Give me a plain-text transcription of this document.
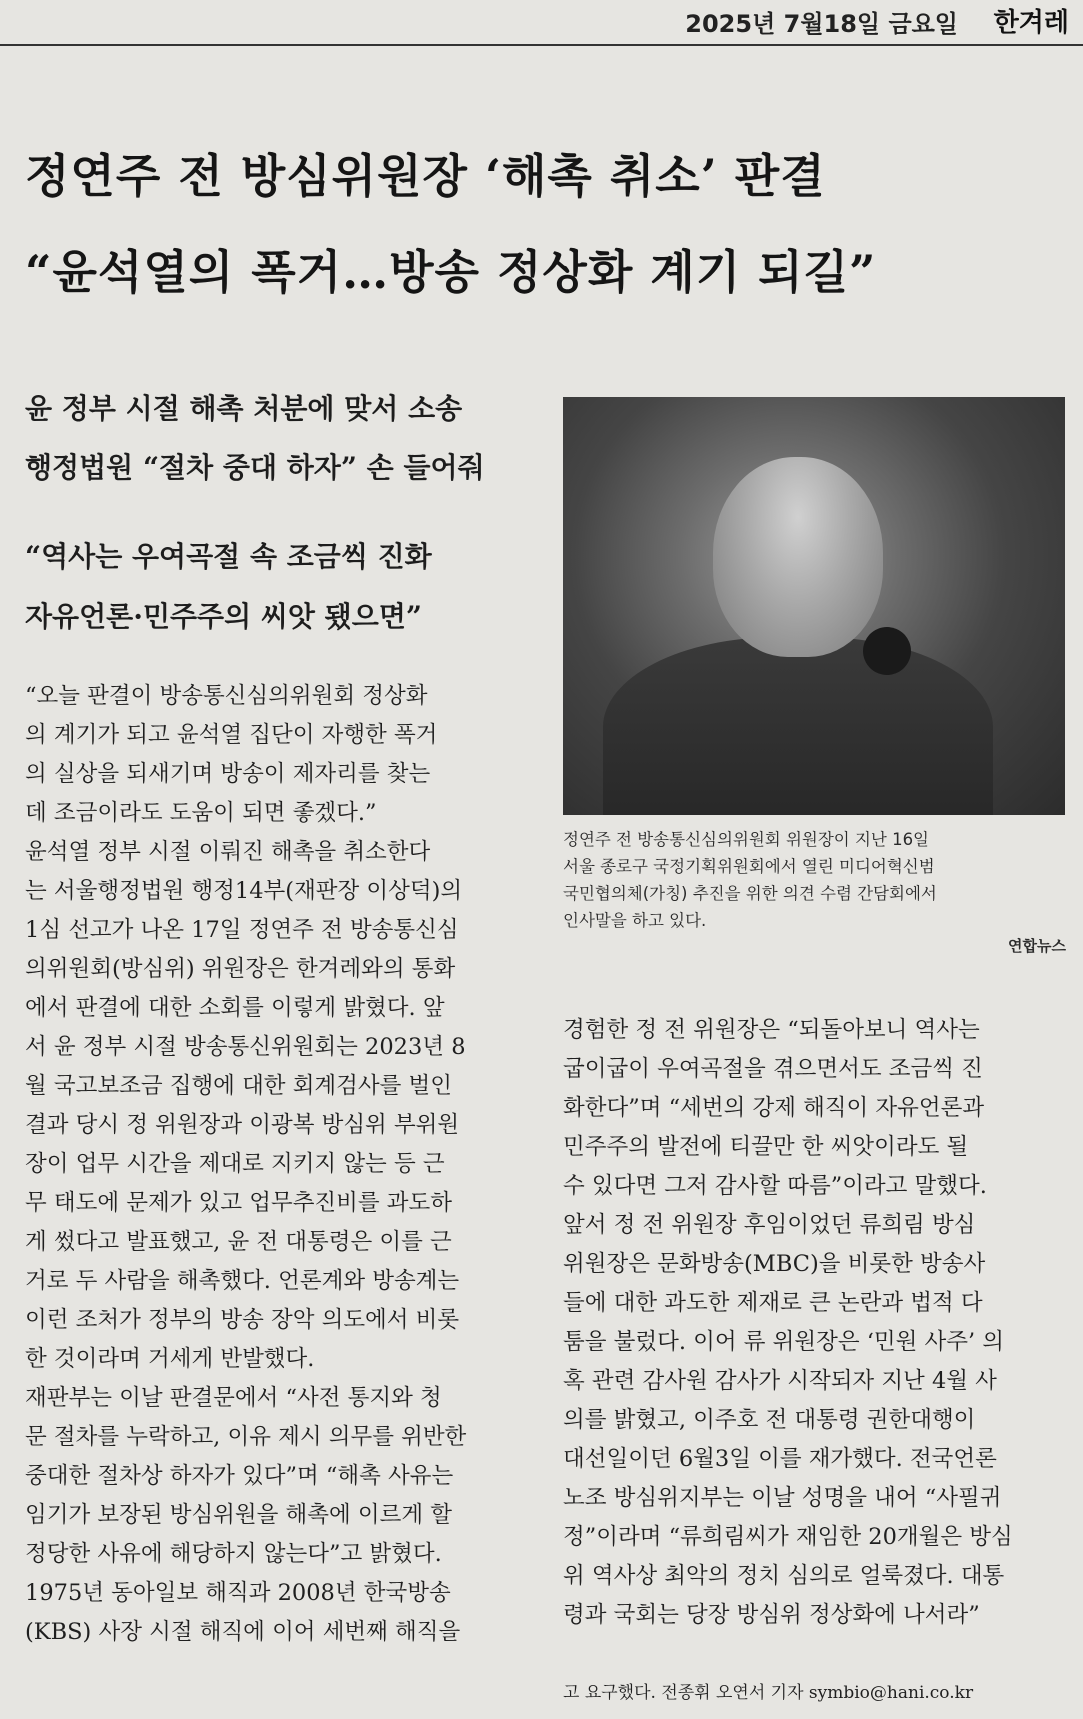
2025년 7월18일 금요일 한겨레
정연주 전 방심위원장 ‘해촉 취소’ 판결
“윤석열의 폭거…방송 정상화 계기 되길”
윤 정부 시절 해촉 처분에 맞서 소송
행정법원 “절차 중대 하자” 손 들어줘
“역사는 우여곡절 속 조금씩 진화
자유언론·민주주의 씨앗 됐으면”
정연주 전 방송통신심의위원회 위원장이 지난 16일
서울 종로구 국정기획위원회에서 열린 미디어혁신범
국민협의체(가칭) 추진을 위한 의견 수렴 간담회에서
인사말을 하고 있다.
연합뉴스
“오늘 판결이 방송통신심의위원회 정상화
의 계기가 되고 윤석열 집단이 자행한 폭거
의 실상을 되새기며 방송이 제자리를 찾는
데 조금이라도 도움이 되면 좋겠다.”
윤석열 정부 시절 이뤄진 해촉을 취소한다
는 서울행정법원 행정14부(재판장 이상덕)의
1심 선고가 나온 17일 정연주 전 방송통신심
의위원회(방심위) 위원장은 한겨레와의 통화
에서 판결에 대한 소회를 이렇게 밝혔다. 앞
서 윤 정부 시절 방송통신위원회는 2023년 8
월 국고보조금 집행에 대한 회계검사를 벌인
결과 당시 정 위원장과 이광복 방심위 부위원
장이 업무 시간을 제대로 지키지 않는 등 근
무 태도에 문제가 있고 업무추진비를 과도하
게 썼다고 발표했고, 윤 전 대통령은 이를 근
거로 두 사람을 해촉했다. 언론계와 방송계는
이런 조처가 정부의 방송 장악 의도에서 비롯
한 것이라며 거세게 반발했다.
재판부는 이날 판결문에서 “사전 통지와 청
문 절차를 누락하고, 이유 제시 의무를 위반한
중대한 절차상 하자가 있다”며 “해촉 사유는
임기가 보장된 방심위원을 해촉에 이르게 할
정당한 사유에 해당하지 않는다”고 밝혔다.
1975년 동아일보 해직과 2008년 한국방송
(KBS) 사장 시절 해직에 이어 세번째 해직을
경험한 정 전 위원장은 “되돌아보니 역사는
굽이굽이 우여곡절을 겪으면서도 조금씩 진
화한다”며 “세번의 강제 해직이 자유언론과
민주주의 발전에 티끌만 한 씨앗이라도 될
수 있다면 그저 감사할 따름”이라고 말했다.
앞서 정 전 위원장 후임이었던 류희림 방심
위원장은 문화방송(MBC)을 비롯한 방송사
들에 대한 과도한 제재로 큰 논란과 법적 다
툼을 불렀다. 이어 류 위원장은 ‘민원 사주’ 의
혹 관련 감사원 감사가 시작되자 지난 4월 사
의를 밝혔고, 이주호 전 대통령 권한대행이
대선일이던 6월3일 이를 재가했다. 전국언론
노조 방심위지부는 이날 성명을 내어 “사필귀
정”이라며 “류희림씨가 재임한 20개월은 방심
위 역사상 최악의 정치 심의로 얼룩졌다. 대통
령과 국회는 당장 방심위 정상화에 나서라”
고 요구했다. 전종휘 오연서 기자 symbio@hani.co.kr
